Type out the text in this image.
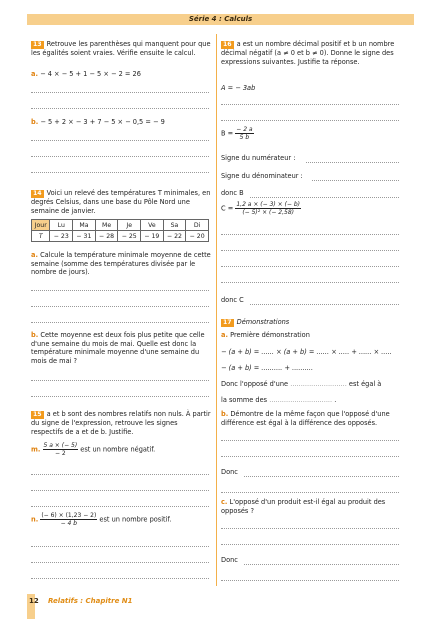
Série 4 : Calculs
13 Retrouve les parenthèses qui manquent pour que les égalités soient vraies. Vérifie ensuite le calcul.
a. − 4 × − 5 + 1 − 5 × − 2 = 26
b. − 5 + 2 × − 3 + 7 − 5 × − 0,5 = − 9
14 Voici un relevé des températures T minimales, en degrés Celsius, dans une base du Pôle Nord une semaine de janvier.
Jour	Lu	Ma	Me	Je	Ve	Sa	Di
T	− 23	− 31	− 28	− 25	− 19	− 22	− 20
a. Calcule la température minimale moyenne de cette semaine (somme des températures divisée par le nombre de jours).
b. Cette moyenne est deux fois plus petite que celle d'une semaine du mois de mai. Quelle est donc la température minimale moyenne d'une semaine du mois de mai ?
15 a et b sont des nombres relatifs non nuls. À partir du signe de l'expression, retrouve les signes respectifs de a et de b. Justifie.
m. $\frac{5 a \times (- 5)}{- 2}$ est un nombre négatif.
n. $\frac{(- 6) \times (1,23 - 2)}{- 4 b}$ est un nombre positif.
16 a est un nombre décimal positif et b un nombre décimal négatif (a ≠ 0 et b ≠ 0). Donne le signe des expressions suivantes. Justifie ta réponse.
A = − 3ab
$B = \frac{- 2 a}{5 b}$
Signe du numérateur :
Signe du dénominateur :
donc B
$C = \frac{1,2 a \times (- 3) \times (- b)}{\text{(− 5)² × (− 2,58)}}$
donc C
17 Démonstrations
a. Première démonstration
− (a + b) = ...... × (a + b) = ...... × ..... + ...... × .....
− (a + b) = .......... + ..........
Donc l'opposé d'une ........................... est égal à
la somme des .............................. .
b. Démontre de la même façon que l'opposé d'une différence est égal à la différence des opposés.
Donc
c. L'opposé d'un produit est-il égal au produit des opposés ?
Donc
12 Relatifs : Chapitre N1
